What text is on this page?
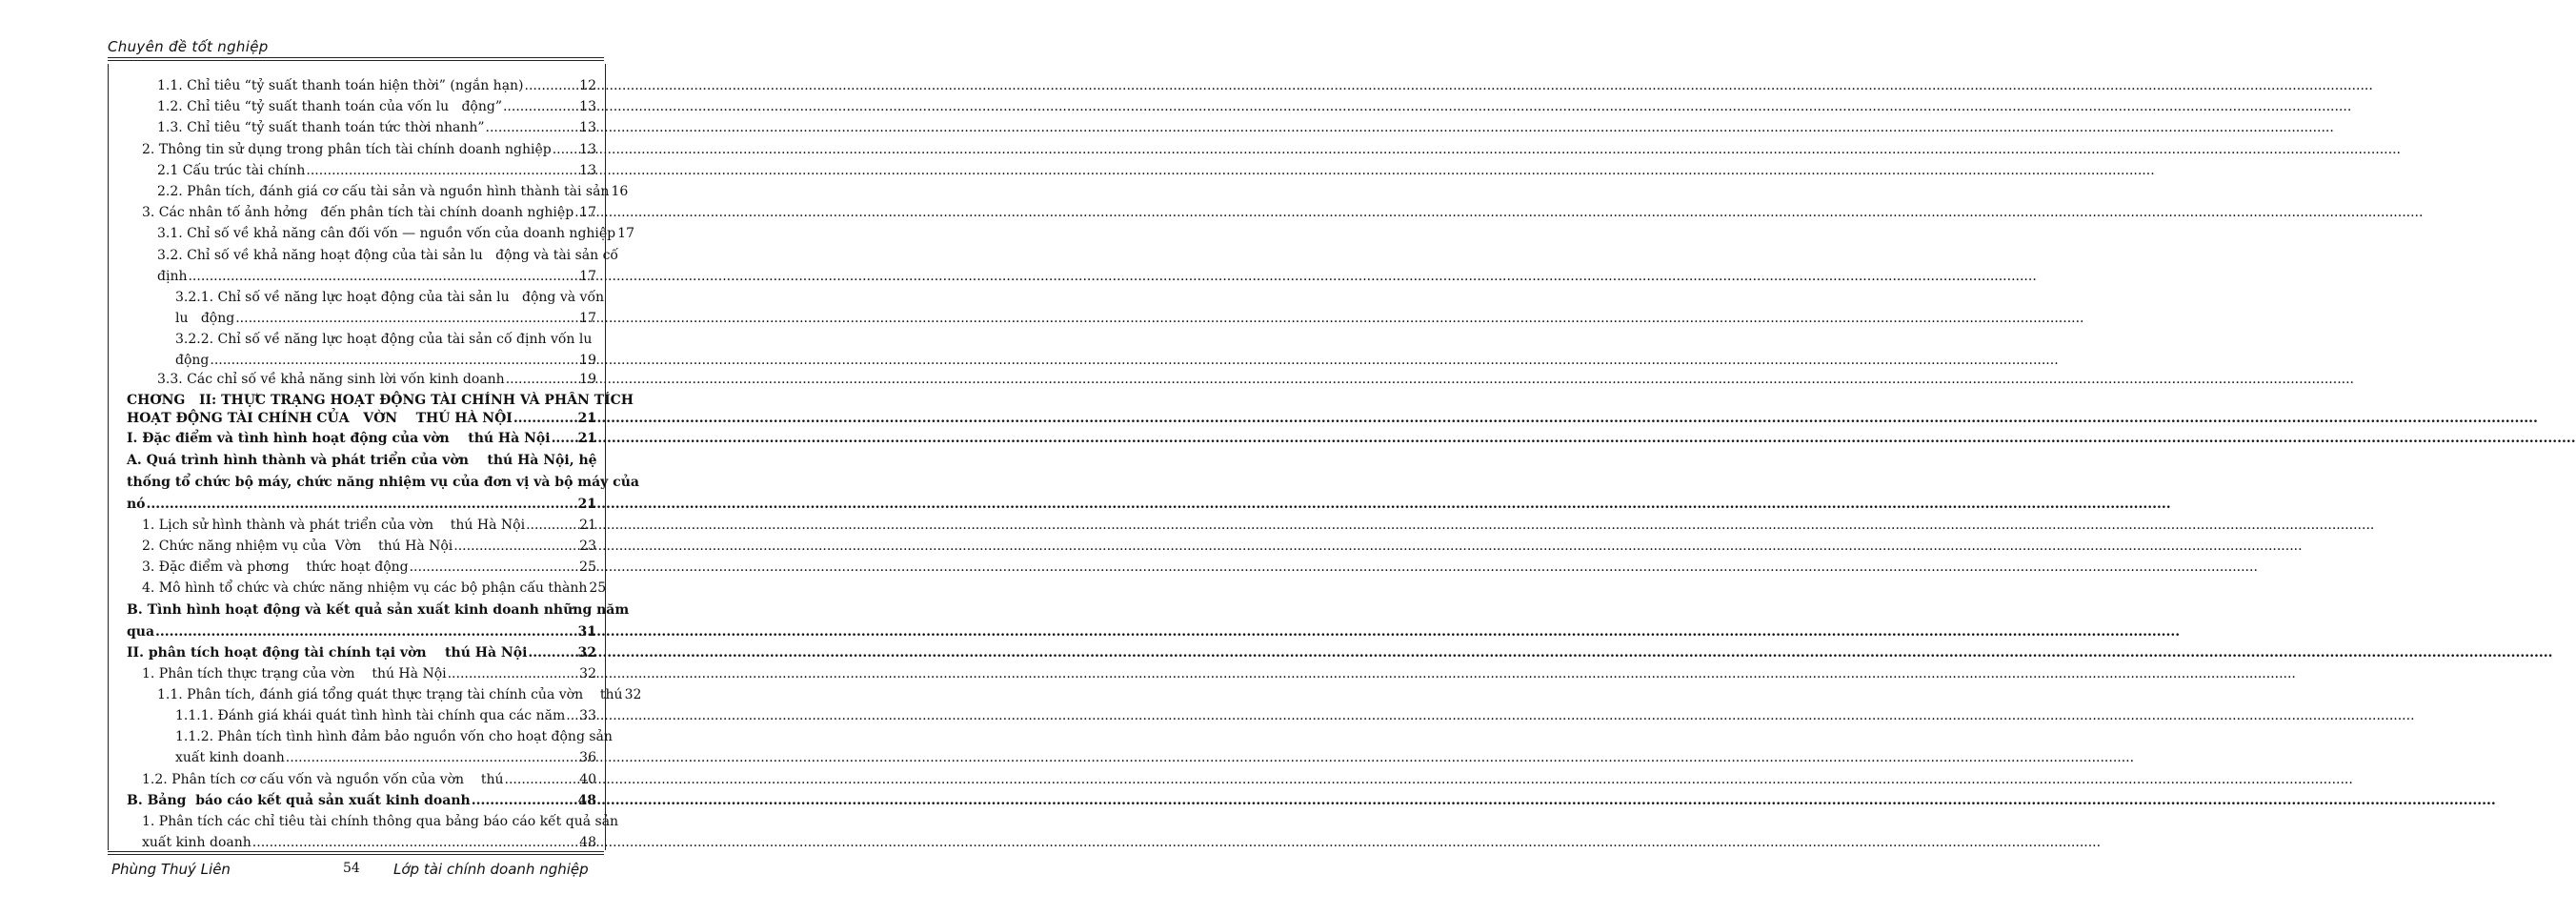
Chuyên đề tốt nghiệp
1.1. Chỉ tiêu “tỷ suất thanh toán hiện thời” (ngắn hạn) .....	12
1.2. Chỉ tiêu “tỷ suất thanh toán của vốn lu   động” .....	13
1.3. Chỉ tiêu “tỷ suất thanh toán tức thời nhanh” .....	13
2. Thông tin sử dụng trong phân tích tài chính doanh nghiệp ..... 13
2.1 Cấu trúc tài chính .....	13
2.2. Phân tích, đánh giá cơ cấu tài sản và nguồn hình thành tài sản 16
3. Các nhân tố ảnh hởng   đến phân tích tài chính doanh nghiệp ..... 17
3.1. Chỉ số về khả năng cân đối vốn — nguồn vốn của doanh nghiệp 17
3.2. Chỉ số về khả năng hoạt động của tài sản lu   động và tài sản cố
định .....	17
3.2.1. Chỉ số về năng lực hoạt động của tài sản lu   động và vốn
lu   động .....	17
3.2.2. Chỉ số về năng lực hoạt động của tài sản cố định vốn lu
động .....	19
3.3. Các chỉ số về khả năng sinh lời vốn kinh doanh .....	19
CHƠNG   II: THỰC TRẠNG HOẠT ĐỘNG TÀI CHÍNH VÀ PHÂN TÍCH
HOẠT ĐỘNG TÀI CHÍNH CỦA   VỜN    THÚ HÀ NỘI .....	21
I. Đặc điểm và tình hình hoạt động của vờn    thú Hà Nội ..... 21
A. Quá trình hình thành và phát triển của vờn    thú Hà Nội, hệ
thống tổ chức bộ máy, chức năng nhiệm vụ của đơn vị và bộ máy của
nó .....	21
1. Lịch sử hình thành và phát triển của vờn    thú Hà Nội .....	21
2. Chức năng nhiệm vụ của  Vờn    thú Hà Nội .....	23
3. Đặc điểm và phơng    thức hoạt động .....	25
4. Mô hình tổ chức và chức năng nhiệm vụ các bộ phận cấu thành 25
B. Tình hình hoạt động và kết quả sản xuất kinh doanh những năm
qua .....	31
II. phân tích hoạt động tài chính tại vờn    thú Hà Nội .....	32
1. Phân tích thực trạng của vờn    thú Hà Nội .....	32
1.1. Phân tích, đánh giá tổng quát thực trạng tài chính của vờn    thú 32
1.1.1. Đánh giá khái quát tình hình tài chính qua các năm ..... 33
1.1.2. Phân tích tình hình đảm bảo nguồn vốn cho hoạt động sản
xuất kinh doanh .....	36
1.2. Phân tích cơ cấu vốn và nguồn vốn của vờn    thú .....	40
B. Bảng  báo cáo kết quả sản xuất kinh doanh .....	48
1. Phân tích các chỉ tiêu tài chính thông qua bảng báo cáo kết quả sản
xuất kinh doanh .....	48
Phùng Thuý Liên	54 Lớp tài chính doanh nghiệp
